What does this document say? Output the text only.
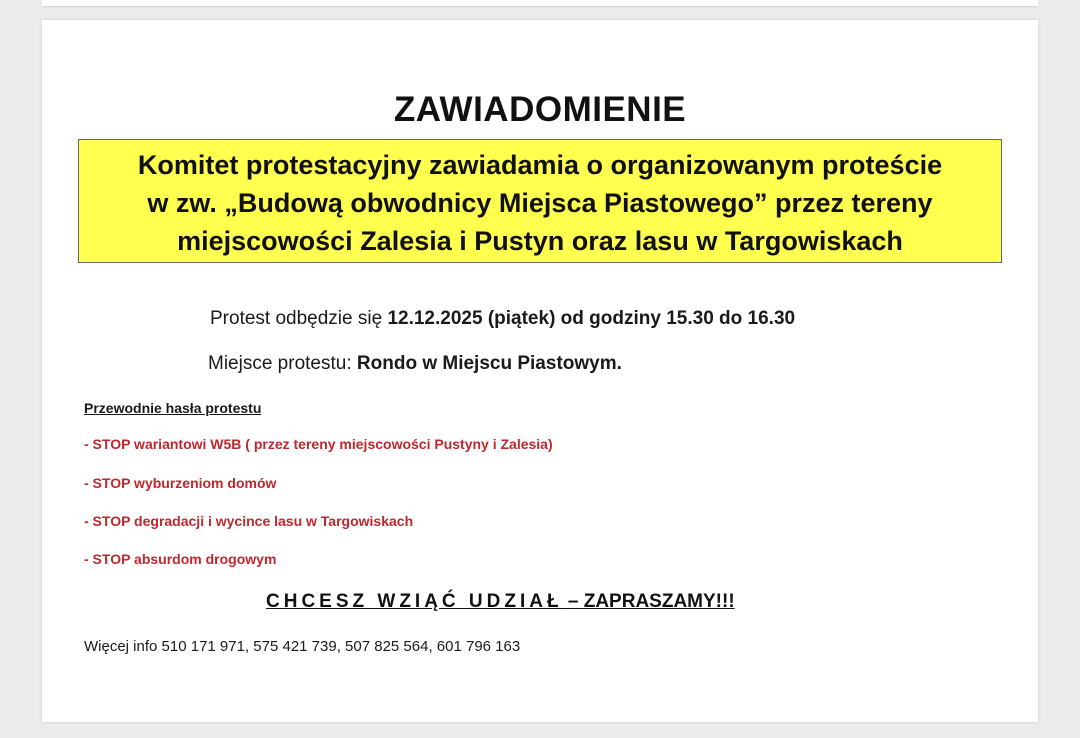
ZAWIADOMIENIE
Komitet protestacyjny zawiadamia o organizowanym proteście
w zw. „Budową obwodnicy Miejsca Piastowego” przez tereny
miejscowości Zalesia i Pustyn oraz lasu w Targowiskach
Protest odbędzie się 12.12.2025 (piątek) od godziny 15.30 do 16.30
Miejsce protestu: Rondo w Miejscu Piastowym.
Przewodnie hasła protestu
- STOP wariantowi W5B ( przez tereny miejscowości Pustyny i Zalesia)
- STOP wyburzeniom domów
- STOP degradacji i wycince lasu w Targowiskach
- STOP absurdom drogowym
CHCESZ WZIĄĆ UDZIAŁ – ZAPRASZAMY!!!
Więcej info 510 171 971, 575 421 739, 507 825 564, 601 796 163
